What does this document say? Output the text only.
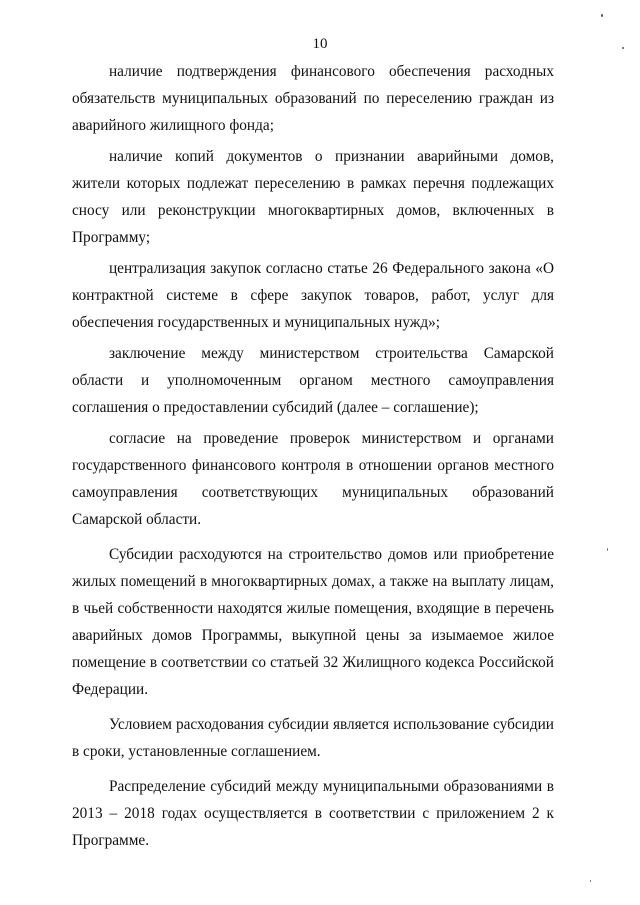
10

наличие подтверждения финансового обеспечения расходных обязательств муниципальных образований по переселению граждан из аварийного жилищного фонда;

наличие копий документов о признании аварийными домов, жители которых подлежат переселению в рамках перечня подлежащих сносу или реконструкции многоквартирных домов, включенных в Программу;

централизация закупок согласно статье 26 Федерального закона «О контрактной системе в сфере закупок товаров, работ, услуг для обеспечения государственных и муниципальных нужд»;

заключение между министерством строительства Самарской области и уполномоченным органом местного самоуправления соглашения о предоставлении субсидий (далее – соглашение);

согласие на проведение проверок министерством и органами государственного финансового контроля в отношении органов местного самоуправления соответствующих муниципальных образований Самарской области.

Субсидии расходуются на строительство домов или приобретение жилых помещений в многоквартирных домах, а также на выплату лицам, в чьей собственности находятся жилые помещения, входящие в перечень аварийных домов Программы, выкупной цены за изымаемое жилое помещение в соответствии со статьей 32 Жилищного кодекса Российской Федерации.

Условием расходования субсидии является использование субсидии в сроки, установленные соглашением.

Распределение субсидий между муниципальными образованиями в 2013 – 2018 годах осуществляется в соответствии с приложением 2 к Программе.
